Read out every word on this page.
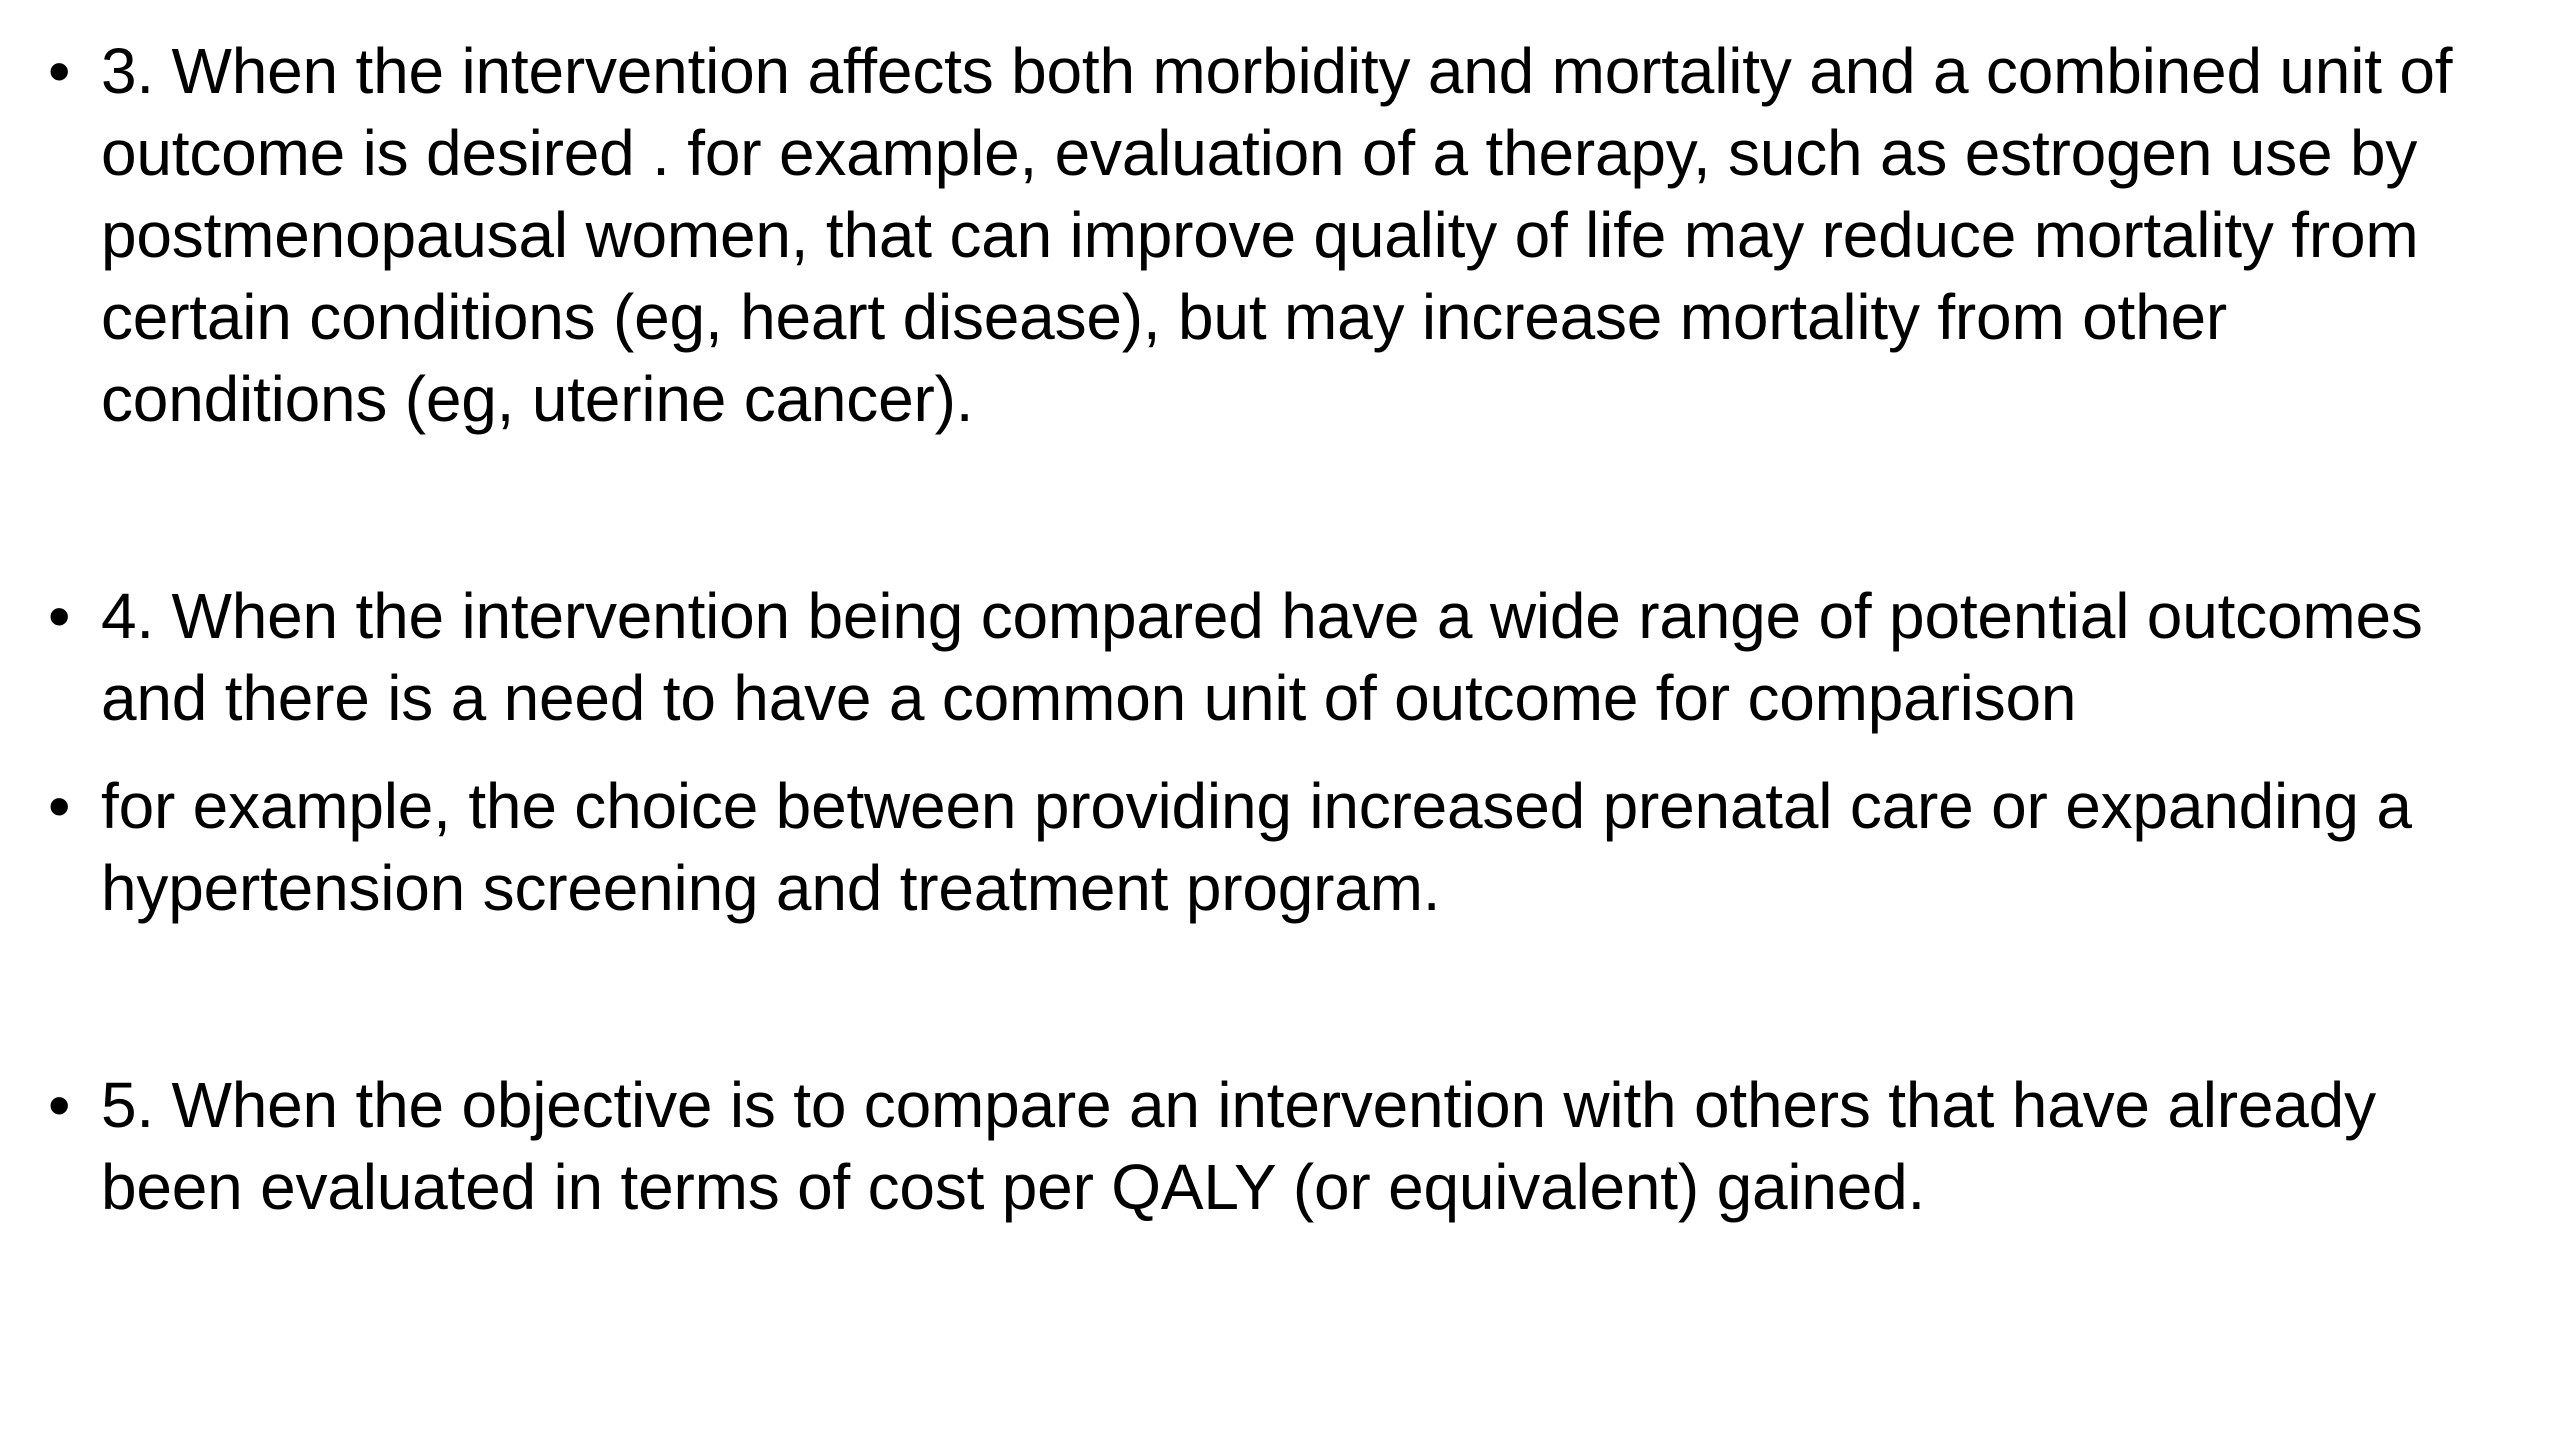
• 3. When the intervention affects both morbidity and mortality and a combined unit of outcome is desired . for example, evaluation of a therapy, such as estrogen use by postmenopausal women, that can improve quality of life may reduce mortality from certain conditions (eg, heart disease), but may increase mortality from other conditions (eg, uterine cancer).
• 4. When the intervention being compared have a wide range of potential outcomes and there is a need to have a common unit of outcome for comparison
• for example, the choice between providing increased prenatal care or expanding a hypertension screening and treatment program.
• 5. When the objective is to compare an intervention with others that have already been evaluated in terms of cost per QALY (or equivalent) gained.
